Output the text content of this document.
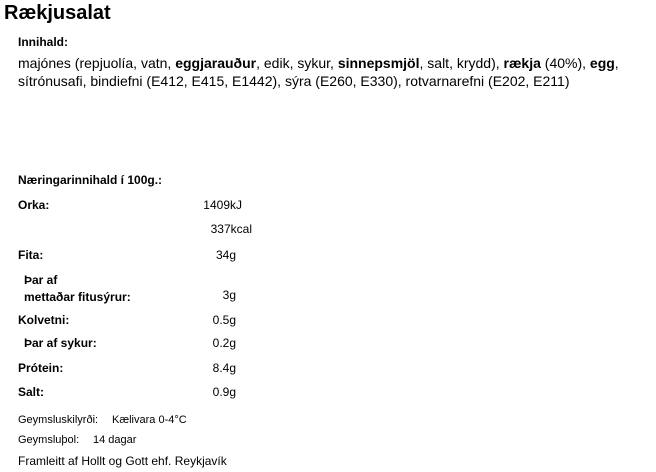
Rækjusalat
Innihald:
majónes (repjuolía, vatn, eggjarauður, edik, sykur, sinnepsmjöl, salt, krydd), rækja (40%), egg, sítrónusafi, bindiefni (E412, E415, E1442), sýra (E260, E330), rotvarnarefni (E202, E211)
Næringarinnihald í 100g.:
Orka:	1409kJ
337kcal
Fita:	34g
Þar af
mettaðar fitusýrur:	3g
Kolvetni:	0.5g
Þar af sykur:	0.2g
Prótein:	8.4g
Salt:	0.9g
Geymsluskilyrði: Kælivara 0-4°C
Geymsluþol: 14 dagar
Framleitt af Hollt og Gott ehf. Reykjavík
